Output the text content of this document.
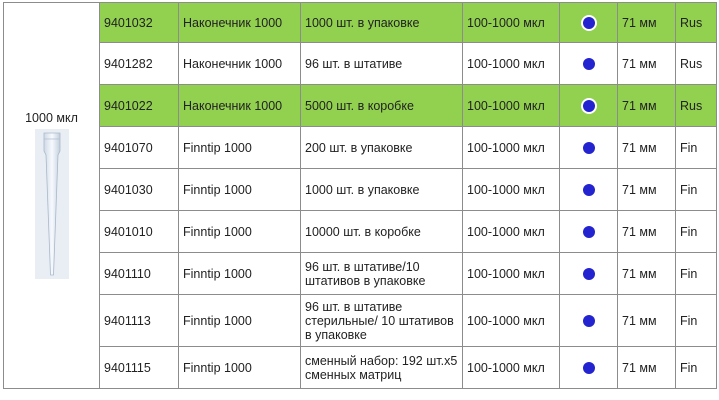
1000 мкл	9401032	Наконечник 1000	1000 шт. в упаковке	100-1000 мкл		71 мм	Rus
	9401282	Наконечник 1000	96 шт. в штативе	100-1000 мкл		71 мм	Rus
	9401022	Наконечник 1000	5000 шт. в коробке	100-1000 мкл		71 мм	Rus
	9401070	Finntip 1000	200 шт. в упаковке	100-1000 мкл		71 мм	Fin
	9401030	Finntip 1000	1000 шт. в упаковке	100-1000 мкл		71 мм	Fin
	9401010	Finntip 1000	10000 шт. в коробке	100-1000 мкл		71 мм	Fin
	9401110	Finntip 1000	96 шт. в штативе/10 штативов в упаковке	100-1000 мкл		71 мм	Fin
	9401113	Finntip 1000	96 шт. в штативе стерильные/ 10 штативов в упаковке	100-1000 мкл		71 мм	Fin
	9401115	Finntip 1000	сменный набор: 192 шт.x5 сменных матриц	100-1000 мкл		71 мм	Fin
